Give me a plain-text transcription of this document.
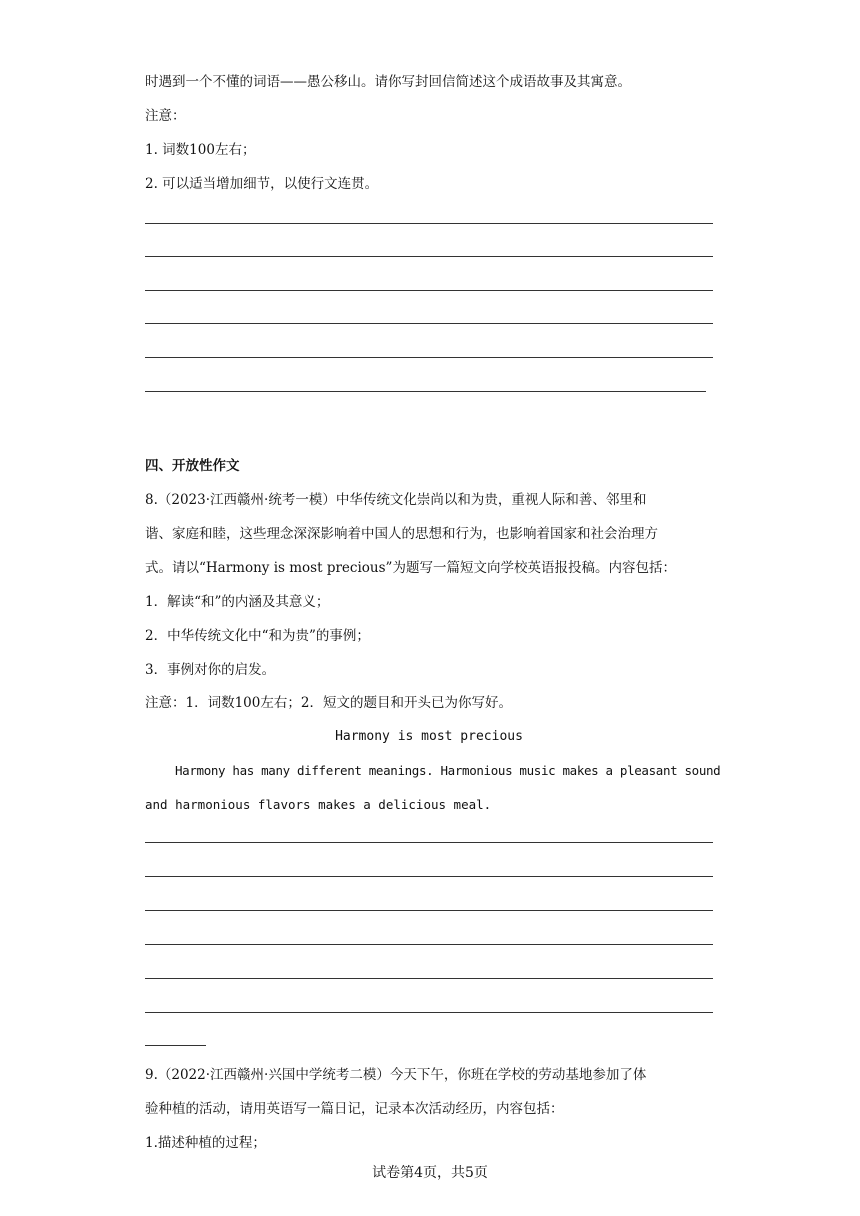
时遇到一个不懂的词语——愚公移山。请你写封回信简述这个成语故事及其寓意。
注意：
1. 词数100左右；
2. 可以适当增加细节，以使行文连贯。
四、开放性作文
8.（2023·江西赣州·统考一模）中华传统文化崇尚以和为贵，重视人际和善、邻里和
谐、家庭和睦，这些理念深深影响着中国人的思想和行为，也影响着国家和社会治理方
式。请以“Harmony is most precious”为题写一篇短文向学校英语报投稿。内容包括：
1．解读“和”的内涵及其意义；
2．中华传统文化中“和为贵”的事例；
3．事例对你的启发。
注意：1．词数100左右；2．短文的题目和开头已为你写好。
Harmony is most precious
Harmony has many different meanings. Harmonious music makes a pleasant sound
and harmonious flavors makes a delicious meal.
9.（2022·江西赣州·兴国中学统考二模）今天下午，你班在学校的劳动基地参加了体
验种植的活动，请用英语写一篇日记，记录本次活动经历，内容包括：
1.描述种植的过程；
试卷第4页，共5页
